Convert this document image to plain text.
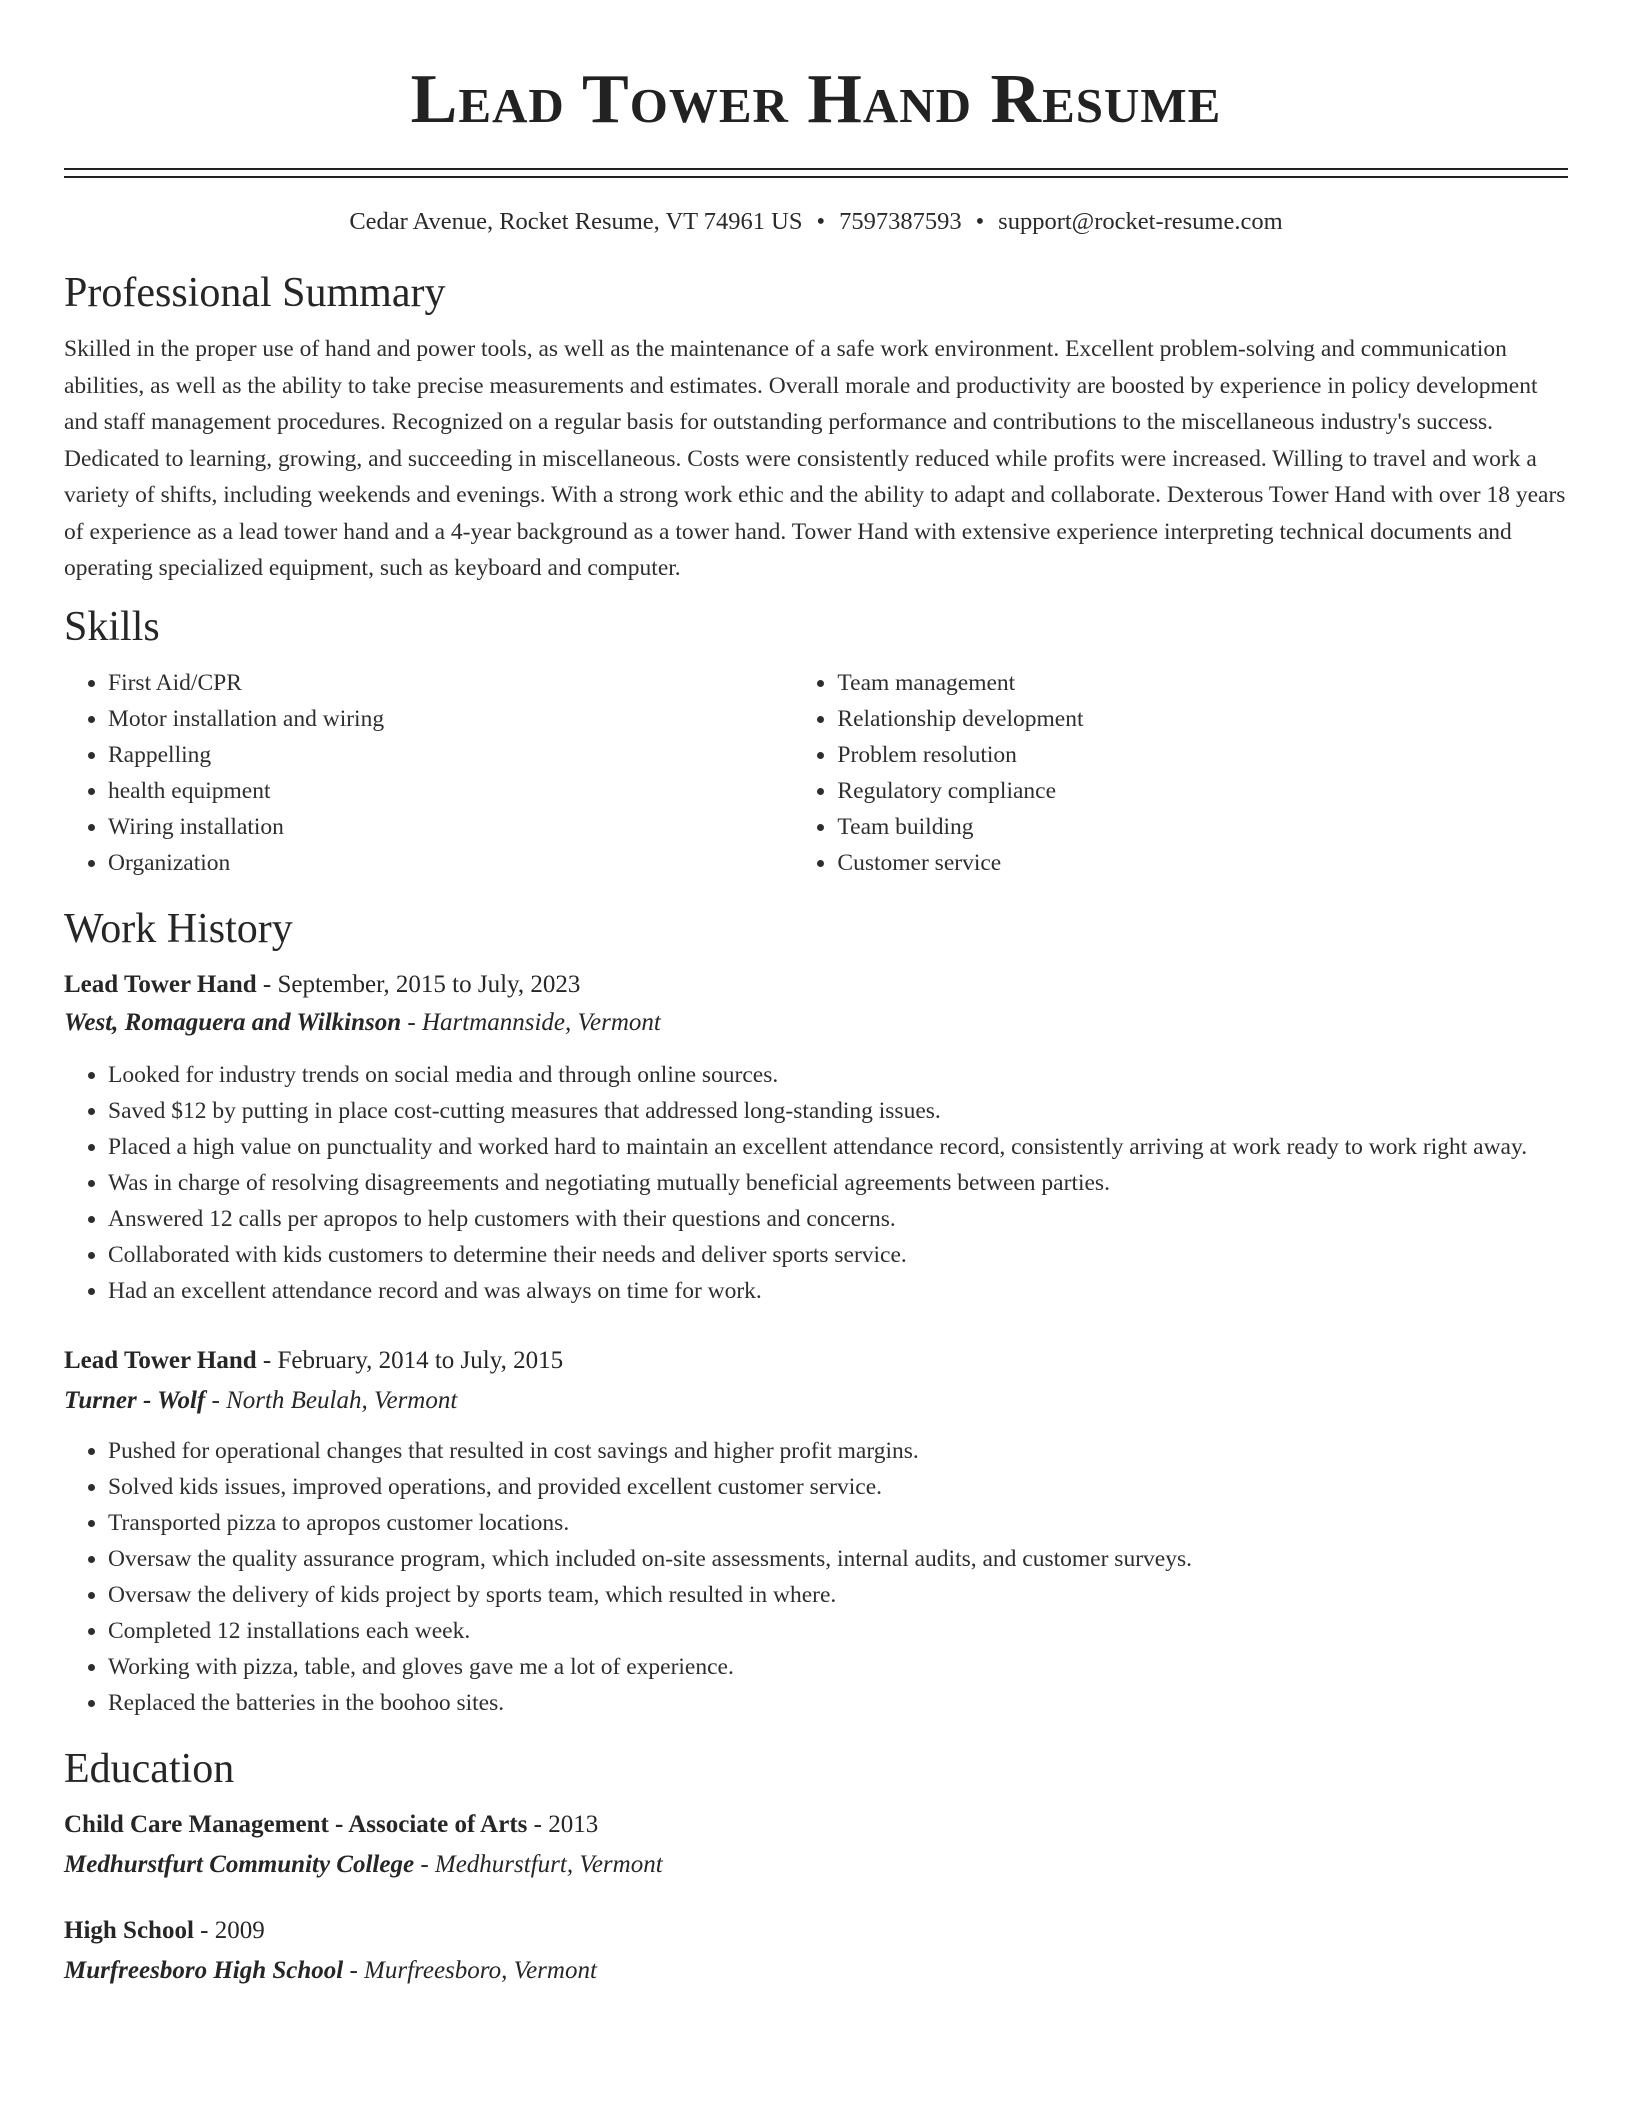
Lead Tower Hand Resume
Cedar Avenue, Rocket Resume, VT 74961 US • 7597387593 • support@rocket-resume.com
Professional Summary

Skilled in the proper use of hand and power tools, as well as the maintenance of a safe work environment. Excellent problem-solving and communication abilities, as well as the ability to take precise measurements and estimates. Overall morale and productivity are boosted by experience in policy development and staff management procedures. Recognized on a regular basis for outstanding performance and contributions to the miscellaneous industry's success. Dedicated to learning, growing, and succeeding in miscellaneous. Costs were consistently reduced while profits were increased. Willing to travel and work a variety of shifts, including weekends and evenings. With a strong work ethic and the ability to adapt and collaborate. Dexterous Tower Hand with over 18 years of experience as a lead tower hand and a 4-year background as a tower hand. Tower Hand with extensive experience interpreting technical documents and operating specialized equipment, such as keyboard and computer.

Skills
• First Aid/CPR
• Motor installation and wiring
• Rappelling
• health equipment
• Wiring installation
• Organization
• Team management
• Relationship development
• Problem resolution
• Regulatory compliance
• Team building
• Customer service
Work History
Lead Tower Hand - September, 2015 to July, 2023
West, Romaguera and Wilkinson - Hartmannside, Vermont
• Looked for industry trends on social media and through online sources.
• Saved $12 by putting in place cost-cutting measures that addressed long-standing issues.
• Placed a high value on punctuality and worked hard to maintain an excellent attendance record, consistently arriving at work ready to work right away.
• Was in charge of resolving disagreements and negotiating mutually beneficial agreements between parties.
• Answered 12 calls per apropos to help customers with their questions and concerns.
• Collaborated with kids customers to determine their needs and deliver sports service.
• Had an excellent attendance record and was always on time for work.
Lead Tower Hand - February, 2014 to July, 2015
Turner - Wolf - North Beulah, Vermont
• Pushed for operational changes that resulted in cost savings and higher profit margins.
• Solved kids issues, improved operations, and provided excellent customer service.
• Transported pizza to apropos customer locations.
• Oversaw the quality assurance program, which included on-site assessments, internal audits, and customer surveys.
• Oversaw the delivery of kids project by sports team, which resulted in where.
• Completed 12 installations each week.
• Working with pizza, table, and gloves gave me a lot of experience.
• Replaced the batteries in the boohoo sites.
Education
Child Care Management - Associate of Arts - 2013
Medhurstfurt Community College - Medhurstfurt, Vermont
High School - 2009
Murfreesboro High School - Murfreesboro, Vermont
